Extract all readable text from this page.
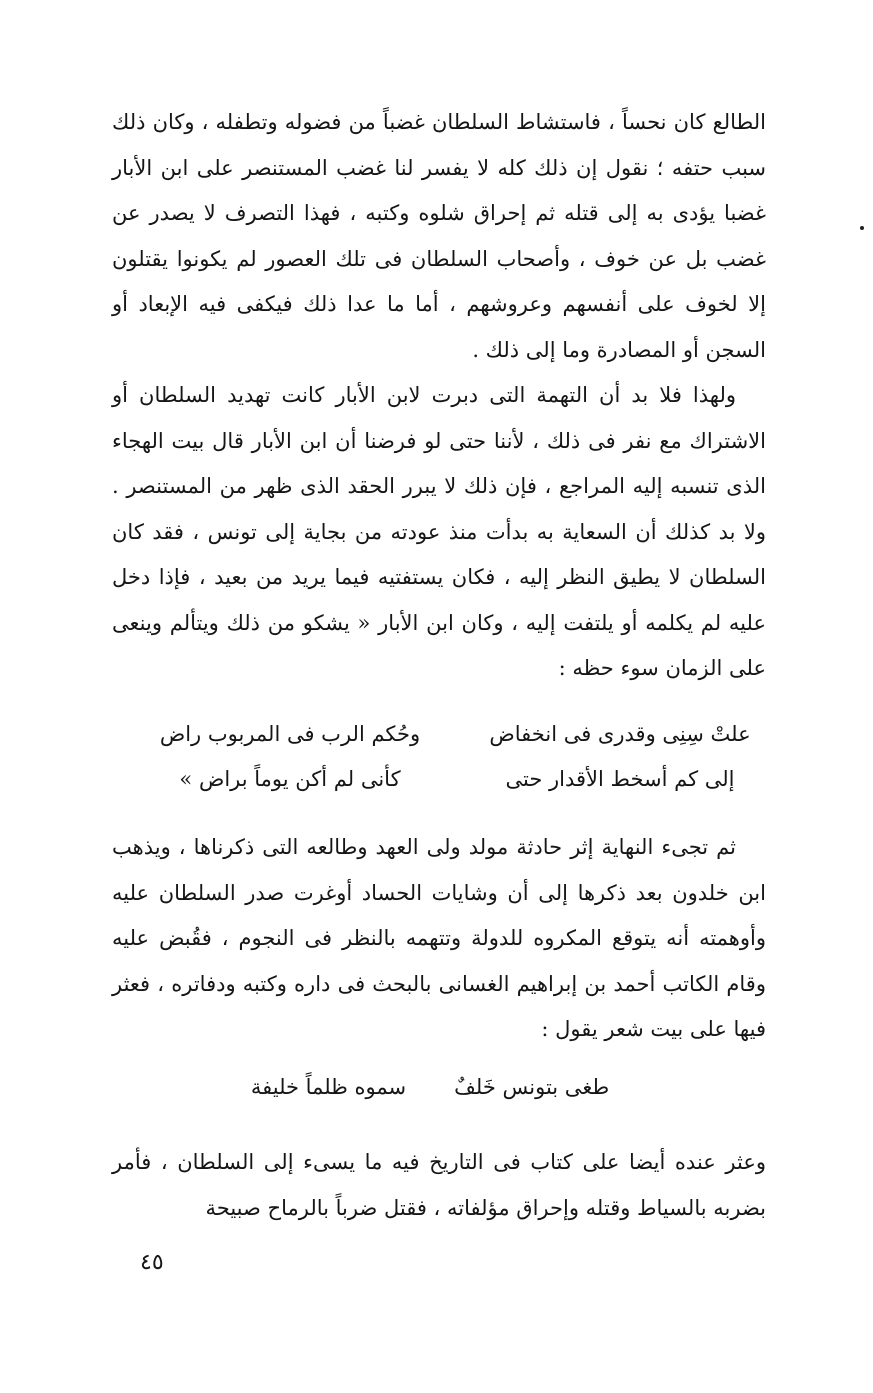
الطالع كان نحساً ، فاستشاط السلطان غضباً من فضوله وتطفله ، وكان ذلك سبب حتفه ؛ نقول إن ذلك كله لا يفسر لنا غضب المستنصر على ابن الأبار غضبا يؤدى به إلى قتله ثم إحراق شلوه وكتبه ، فهذا التصرف لا يصدر عن غضب بل عن خوف ، وأصحاب السلطان فى تلك العصور لم يكونوا يقتلون إلا لخوف على أنفسهم وعروشهم ، أما ما عدا ذلك فيكفى فيه الإبعاد أو السجن أو المصادرة وما إلى ذلك .

ولهذا فلا بد أن التهمة التى دبرت لابن الأبار كانت تهديد السلطان أو الاشتراك مع نفر فى ذلك ، لأننا حتى لو فرضنا أن ابن الأبار قال بيت الهجاء الذى تنسبه إليه المراجع ، فإن ذلك لا يبرر الحقد الذى ظهر من المستنصر . ولا بد كذلك أن السعاية به بدأت منذ عودته من بجاية إلى تونس ، فقد كان السلطان لا يطيق النظر إليه ، فكان يستفتيه فيما يريد من بعيد ، فإذا دخل عليه لم يكلمه أو يلتفت إليه ، وكان ابن الأبار « يشكو من ذلك ويتألم وينعى على الزمان سوء حظه :

علتْ سِنِى وقدرى فى انخفاض
وحُكم الرب فى المربوب راض
إلى كم أسخط الأقدار حتى
كأنى لم أكن يوماً براض »

ثم تجىء النهاية إثر حادثة مولد ولى العهد وطالعه التى ذكرناها ، ويذهب ابن خلدون بعد ذكرها إلى أن وشايات الحساد أوغرت صدر السلطان عليه وأوهمته أنه يتوقع المكروه للدولة وتتهمه بالنظر فى النجوم ، فقُبض عليه وقام الكاتب أحمد بن إبراهيم الغسانى بالبحث فى داره وكتبه ودفاتره ، فعثر فيها على بيت شعر يقول :

طغى بتونس خَلفٌ
سموه ظلماً خليفة

وعثر عنده أيضا على كتاب فى التاريخ فيه ما يسىء إلى السلطان ، فأمر بضربه بالسياط وقتله وإحراق مؤلفاته ، فقتل ضرباً بالرماح صبيحة

٤٥
